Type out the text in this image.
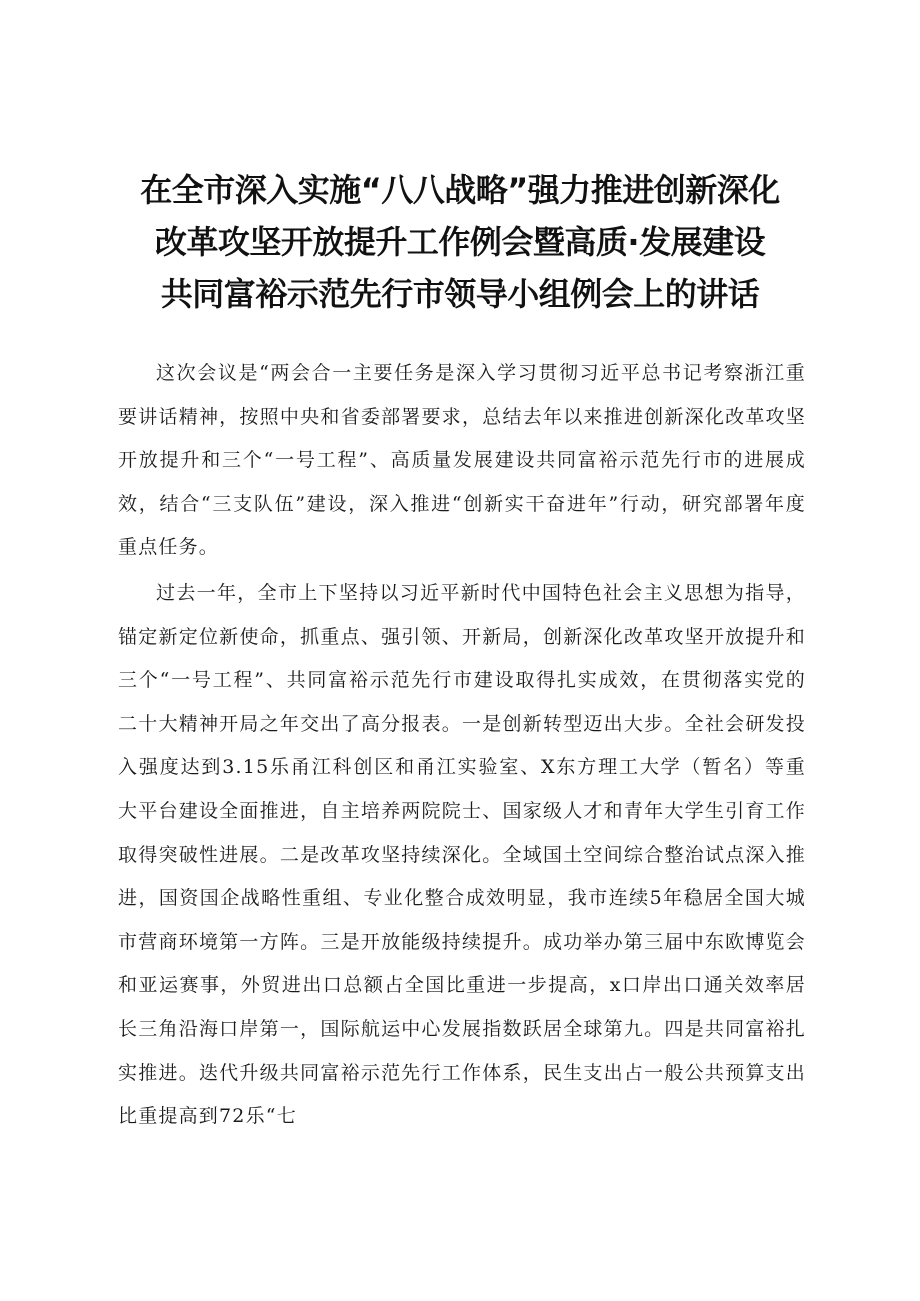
在全市深入实施“八八战略”强力推进创新深化
改革攻坚开放提升工作例会暨高质·发展建设
共同富裕示范先行市领导小组例会上的讲话

这次会议是“两会合一主要任务是深入学习贯彻习近平总书记考察浙江重要讲话精神，按照中央和省委部署要求，总结去年以来推进创新深化改革攻坚开放提升和三个“一号工程”、高质量发展建设共同富裕示范先行市的进展成效，结合“三支队伍”建设，深入推进“创新实干奋进年”行动，研究部署年度重点任务。

过去一年，全市上下坚持以习近平新时代中国特色社会主义思想为指导，锚定新定位新使命，抓重点、强引领、开新局，创新深化改革攻坚开放提升和三个“一号工程”、共同富裕示范先行市建设取得扎实成效，在贯彻落实党的二十大精神开局之年交出了高分报表。一是创新转型迈出大步。全社会研发投入强度达到3.15乐甬江科创区和甬江实验室、X东方理工大学（暂名）等重大平台建设全面推进，自主培养两院院士、国家级人才和青年大学生引育工作取得突破性进展。二是改革攻坚持续深化。全域国土空间综合整治试点深入推进，国资国企战略性重组、专业化整合成效明显，我市连续5年稳居全国大城市营商环境第一方阵。三是开放能级持续提升。成功举办第三届中东欧博览会和亚运赛事，外贸进出口总额占全国比重进一步提高，x口岸出口通关效率居长三角沿海口岸第一，国际航运中心发展指数跃居全球第九。四是共同富裕扎实推进。迭代升级共同富裕示范先行工作体系，民生支出占一般公共预算支出比重提高到72乐“七
